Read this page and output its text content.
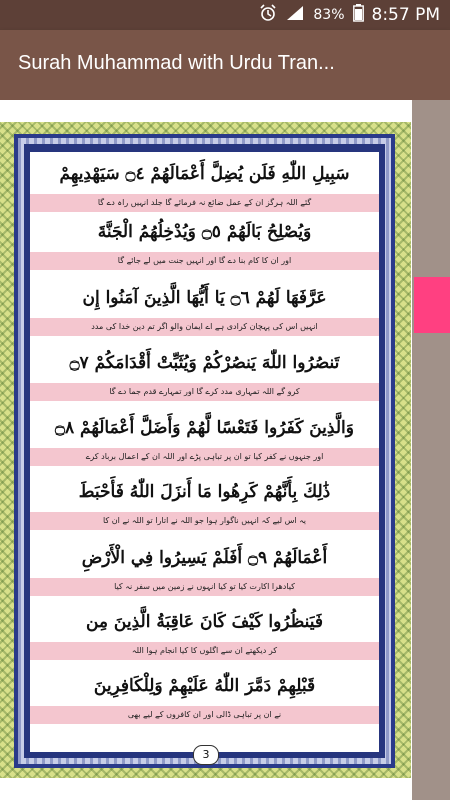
83% 8:57 PM
Surah Muhammad with Urdu Tran...
سَبِيلِ اللّٰهِ فَلَن يُضِلَّ أَعْمَالَهُمْ ۝٤ سَيَهْدِيهِمْ
گئے اللہ ہرگز ان کے عمل ضائع نہ فرمائے گا جلد انہیں راہ دے گا
وَيُصْلِحُ بَالَهُمْ ۝٥ وَيُدْخِلُهُمُ الْجَنَّةَ
اور ان کا کام بنا دے گا اور انہیں جنت میں لے جائے گا
عَرَّفَهَا لَهُمْ ۝٦ يَا أَيُّهَا الَّذِينَ آمَنُوا إِن
انہیں اس کی پہچان کرادی ہے اے ایمان والو اگر تم دین خدا کی مدد
تَنصُرُوا اللّٰهَ يَنصُرْكُمْ وَيُثَبِّتْ أَقْدَامَكُمْ ۝٧
کرو گے اللہ تمہاری مدد کرے گا اور تمہارے قدم جما دے گا
وَالَّذِينَ كَفَرُوا فَتَعْسًا لَّهُمْ وَأَضَلَّ أَعْمَالَهُمْ ۝٨
اور جنہوں نے کفر کیا تو ان پر تباہی پڑے اور اللہ ان کے اعمال برباد کرے
ذَٰلِكَ بِأَنَّهُمْ كَرِهُوا مَا أَنزَلَ اللّٰهُ فَأَحْبَطَ
یہ اس لیے کہ انہیں ناگوار ہوا جو اللہ نے اتارا تو اللہ نے ان کا
أَعْمَالَهُمْ ۝٩ أَفَلَمْ يَسِيرُوا فِي الْأَرْضِ
کیادھرا اکارت کیا تو کیا انہوں نے زمین میں سفر نہ کیا
فَيَنظُرُوا كَيْفَ كَانَ عَاقِبَةُ الَّذِينَ مِن
کر دیکھتے ان سے اگلوں کا کیا انجام ہوا اللہ
قَبْلِهِمْ دَمَّرَ اللّٰهُ عَلَيْهِمْ وَلِلْكَافِرِينَ
نے ان پر تباہی ڈالی اور ان کافروں کے لیے بھی
3
